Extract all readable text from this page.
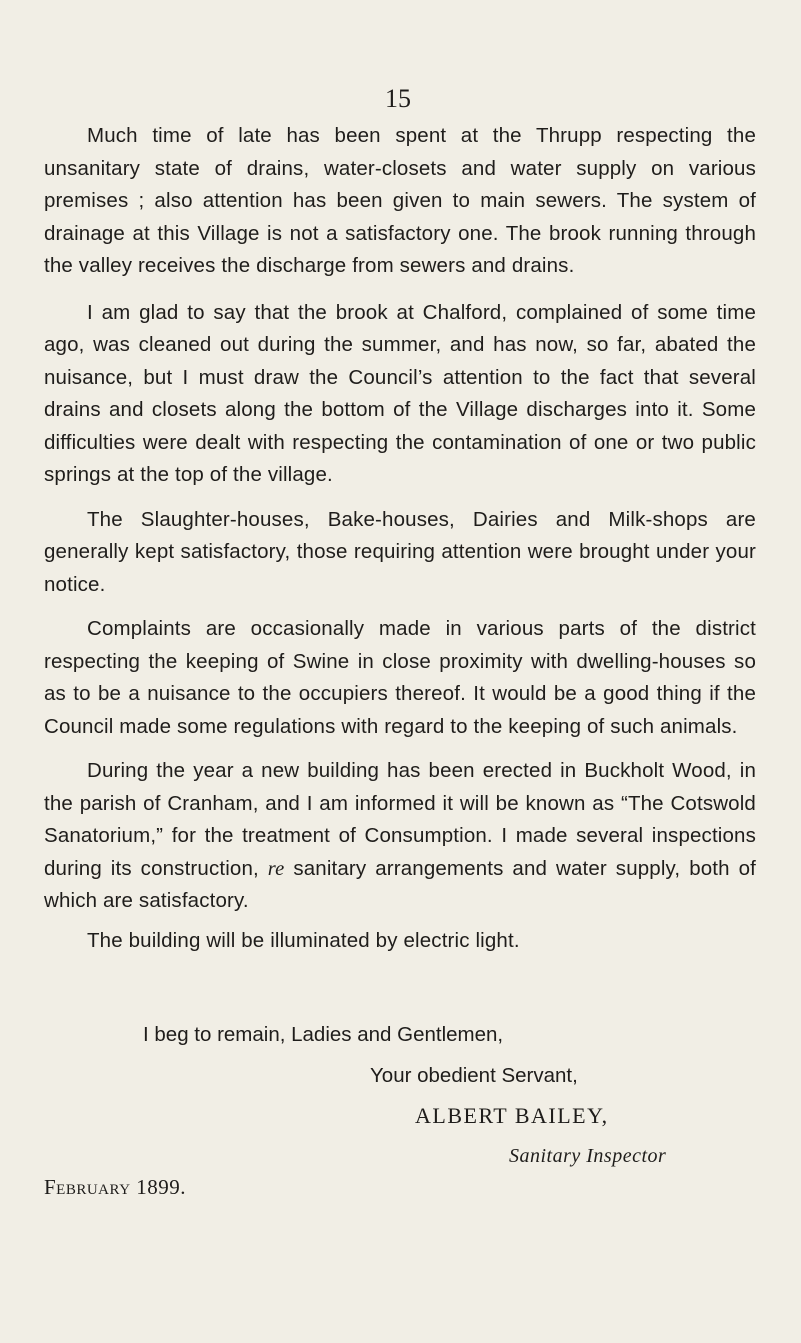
15

Much time of late has been spent at the Thrupp respecting the unsanitary state of drains, water-closets and water supply on various premises ; also attention has been given to main sewers. The system of drainage at this Village is not a satisfactory one. The brook running through the valley receives the discharge from sewers and drains.

I am glad to say that the brook at Chalford, complained of some time ago, was cleaned out during the summer, and has now, so far, abated the nuisance, but I must draw the Council’s attention to the fact that several drains and closets along the bottom of the Village discharges into it. Some difficulties were dealt with respecting the contamination of one or two public springs at the top of the village.

The Slaughter-houses, Bake-houses, Dairies and Milk-shops are generally kept satisfactory, those requiring attention were brought under your notice.

Complaints are occasionally made in various parts of the district respecting the keeping of Swine in close proximity with dwelling-houses so as to be a nuisance to the occupiers thereof. It would be a good thing if the Council made some regulations with regard to the keeping of such animals.

During the year a new building has been erected in Buckholt Wood, in the parish of Cranham, and I am informed it will be known as “The Cotswold Sanatorium,” for the treatment of Consumption. I made several inspections during its construction, re sanitary arrangements and water supply, both of which are satisfactory.

The building will be illuminated by electric light.

I beg to remain, Ladies and Gentlemen,
Your obedient Servant,
ALBERT BAILEY,
Sanitary Inspector
February 1899.
